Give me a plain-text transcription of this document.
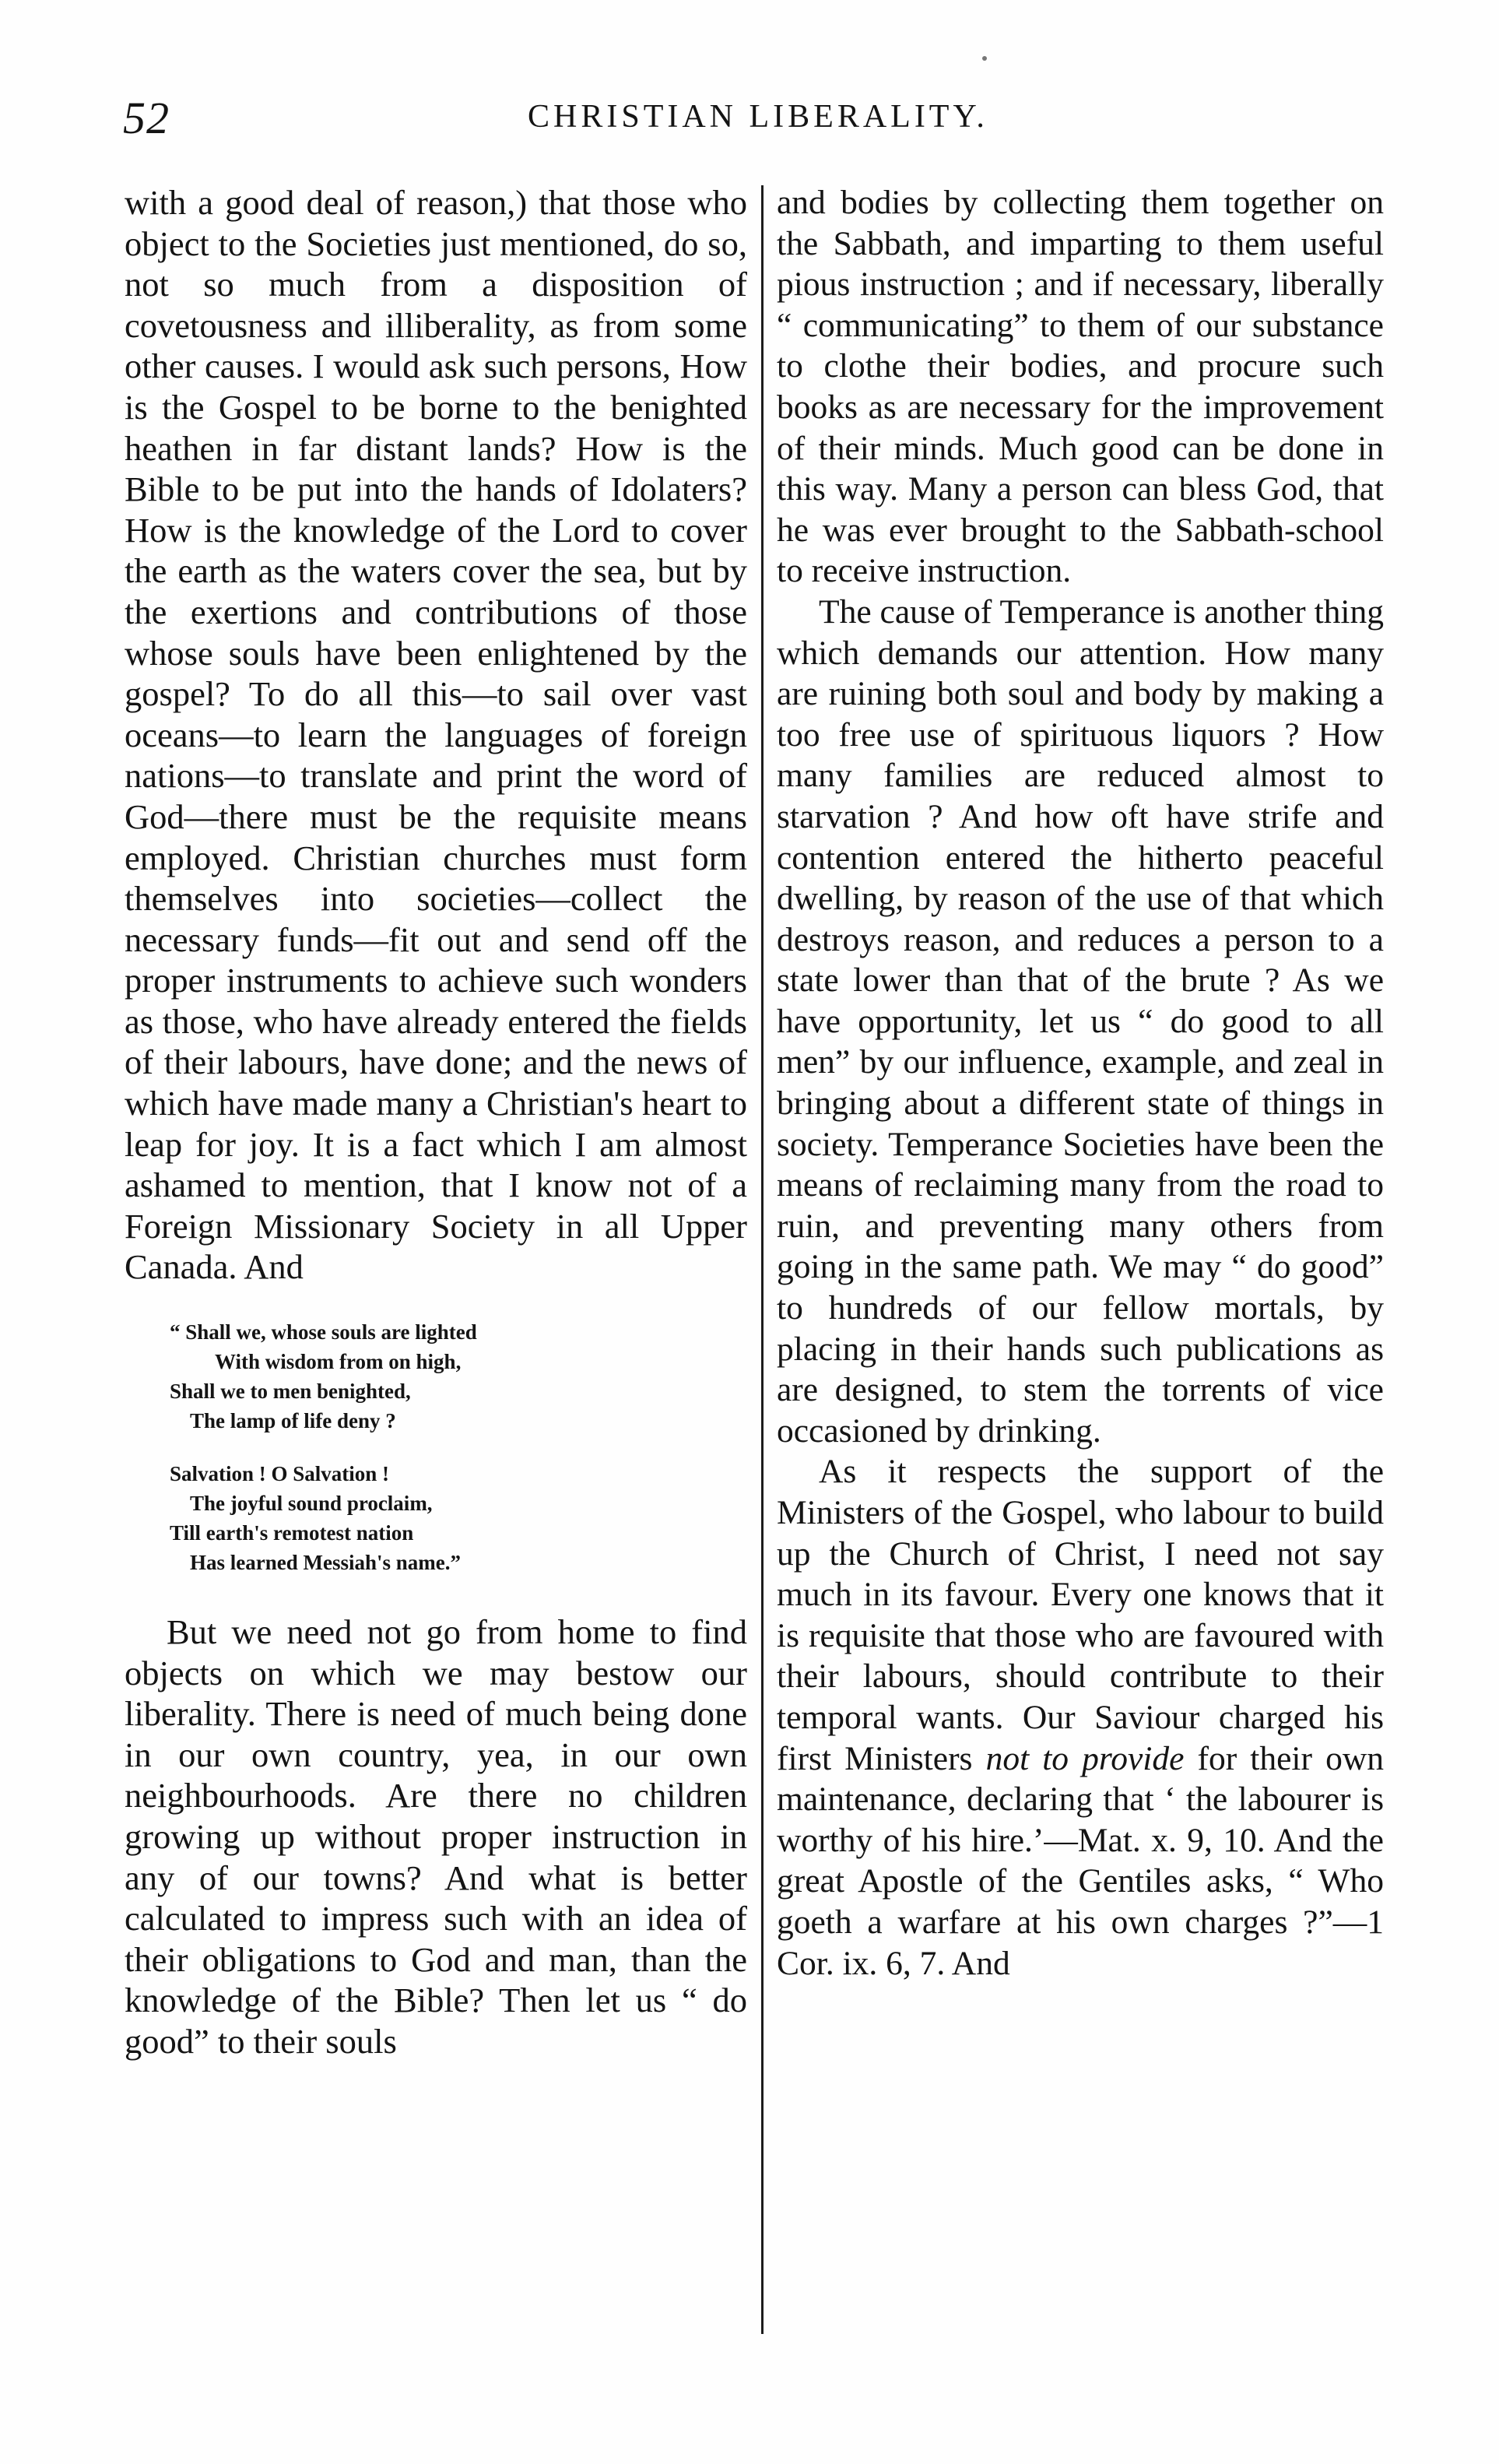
52	CHRISTIAN LIBERALITY.

with a good deal of reason,) that those who object to the Societies just mentioned, do so, not so much from a disposition of covetousness and illiberality, as from some other causes. I would ask such persons, How is the Gospel to be borne to the benighted heathen in far distant lands? How is the Bible to be put into the hands of Idolaters? How is the knowledge of the Lord to cover the earth as the waters cover the sea, but by the exertions and contributions of those whose souls have been enlightened by the gospel? To do all this—to sail over vast oceans—to learn the languages of foreign nations—to translate and print the word of God—there must be the requisite means employed. Christian churches must form themselves into societies—collect the necessary funds—fit out and send off the proper instruments to achieve such wonders as those, who have already entered the fields of their labours, have done; and the news of which have made many a Christian's heart to leap for joy. It is a fact which I am almost ashamed to mention, that I know not of a Foreign Missionary Society in all Upper Canada. And

“ Shall we, whose souls are lighted
With wisdom from on high,
Shall we to men benighted,
The lamp of life deny ?
Salvation ! O Salvation !
The joyful sound proclaim,
Till earth's remotest nation
Has learned Messiah's name.”

But we need not go from home to find objects on which we may bestow our liberality. There is need of much being done in our own country, yea, in our own neighbourhoods. Are there no children growing up without proper instruction in any of our towns? And what is better calculated to impress such with an idea of their obligations to God and man, than the knowledge of the Bible? Then let us “ do good” to their souls

and bodies by collecting them together on the Sabbath, and imparting to them useful pious instruction ; and if necessary, liberally “ communicating” to them of our substance to clothe their bodies, and procure such books as are necessary for the improvement of their minds. Much good can be done in this way. Many a person can bless God, that he was ever brought to the Sabbath-school to receive instruction.

The cause of Temperance is another thing which demands our attention. How many are ruining both soul and body by making a too free use of spirituous liquors ? How many families are reduced almost to starvation ? And how oft have strife and contention entered the hitherto peaceful dwelling, by reason of the use of that which destroys reason, and reduces a person to a state lower than that of the brute ? As we have opportunity, let us “ do good to all men” by our influence, example, and zeal in bringing about a different state of things in society. Temperance Societies have been the means of reclaiming many from the road to ruin, and preventing many others from going in the same path. We may “ do good” to hundreds of our fellow mortals, by placing in their hands such publications as are designed, to stem the torrents of vice occasioned by drinking.

As it respects the support of the Ministers of the Gospel, who labour to build up the Church of Christ, I need not say much in its favour. Every one knows that it is requisite that those who are favoured with their labours, should contribute to their temporal wants. Our Saviour charged his first Ministers not to provide for their own maintenance, declaring that ‘ the labourer is worthy of his hire.’—Mat. x. 9, 10. And the great Apostle of the Gentiles asks, “ Who goeth a warfare at his own charges ?”—1 Cor. ix. 6, 7. And
